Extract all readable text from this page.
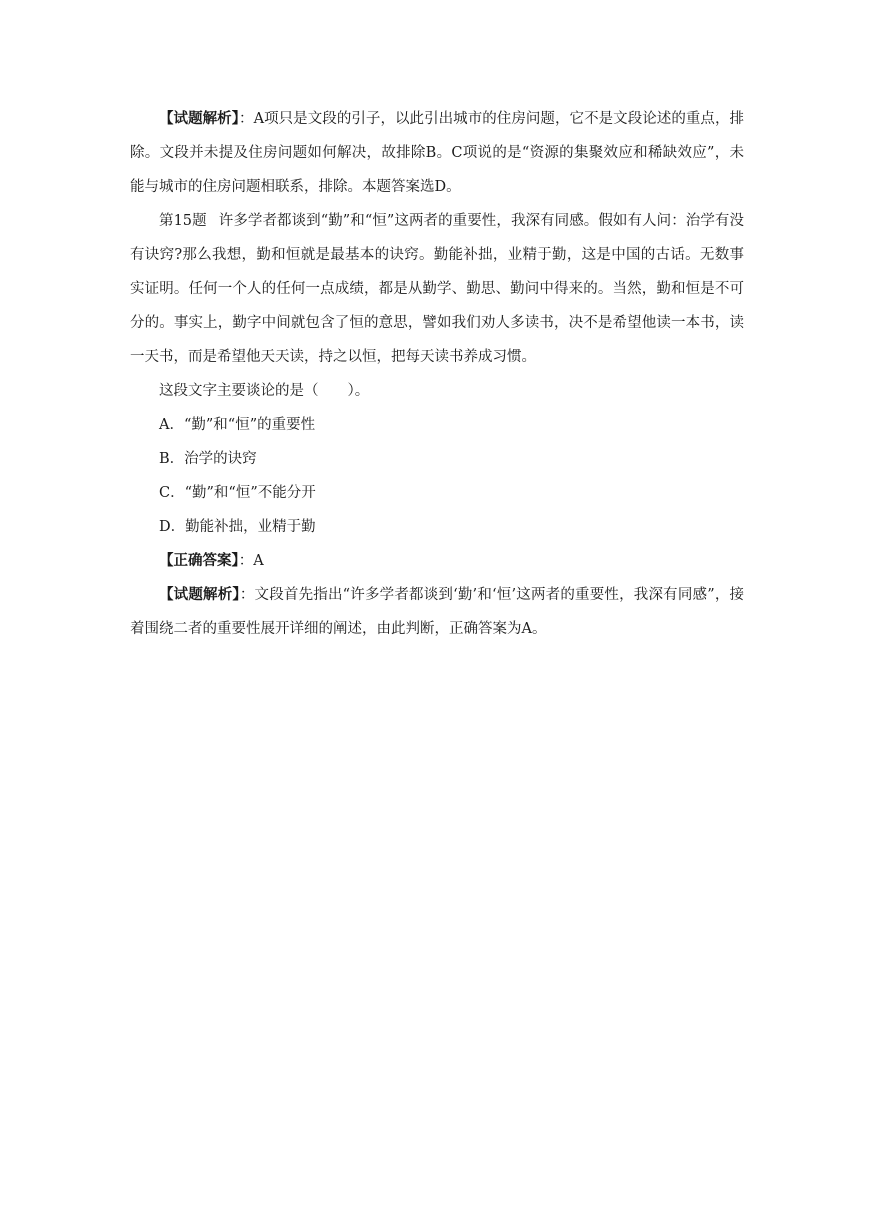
【试题解析】：A项只是文段的引子，以此引出城市的住房问题，它不是文段论述的重点，排除。文段并未提及住房问题如何解决，故排除B。C项说的是“资源的集聚效应和稀缺效应”，未能与城市的住房问题相联系，排除。本题答案选D。

第15题 许多学者都谈到“勤”和“恒”这两者的重要性，我深有同感。假如有人问：治学有没有诀窍?那么我想，勤和恒就是最基本的诀窍。勤能补拙，业精于勤，这是中国的古话。无数事实证明。任何一个人的任何一点成绩，都是从勤学、勤思、勤问中得来的。当然，勤和恒是不可分的。事实上，勤字中间就包含了恒的意思，譬如我们劝人多读书，决不是希望他读一本书，读一天书，而是希望他天天读，持之以恒，把每天读书养成习惯。

这段文字主要谈论的是（　　）。

A．“勤”和“恒”的重要性

B．治学的诀窍

C．“勤”和“恒”不能分开

D．勤能补拙，业精于勤

【正确答案】：A

【试题解析】：文段首先指出“许多学者都谈到‘勤’和‘恒’这两者的重要性，我深有同感”，接着围绕二者的重要性展开详细的阐述，由此判断，正确答案为A。
